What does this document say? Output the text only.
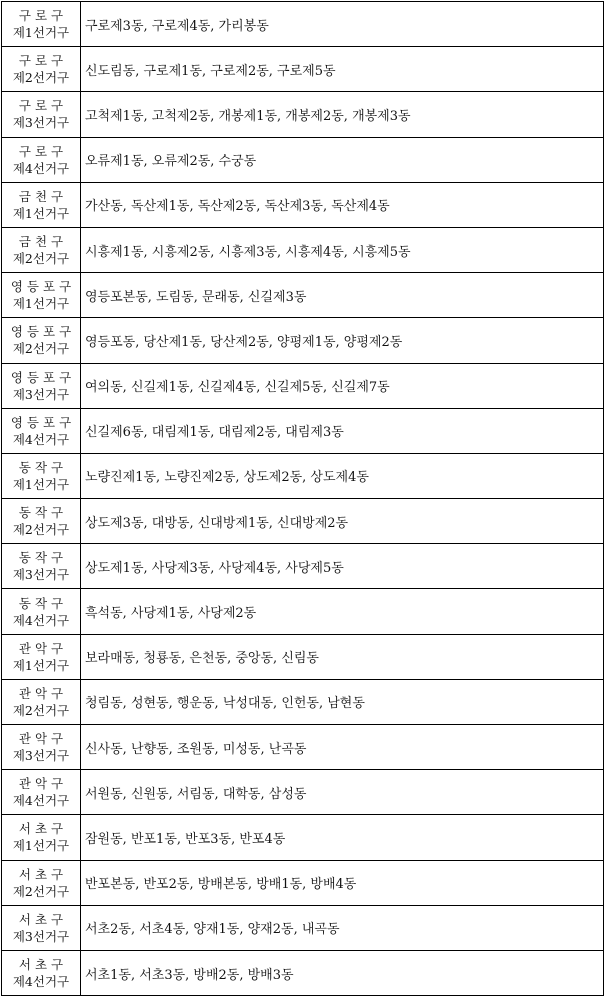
구로구
제1선거구	구로제3동, 구로제4동, 가리봉동

구로구
제2선거구	신도림동, 구로제1동, 구로제2동, 구로제5동

구로구
제3선거구	고척제1동, 고척제2동, 개봉제1동, 개봉제2동, 개봉제3동

구로구
제4선거구	오류제1동, 오류제2동, 수궁동

금천구
제1선거구	가산동, 독산제1동, 독산제2동, 독산제3동, 독산제4동

금천구
제2선거구	시흥제1동, 시흥제2동, 시흥제3동, 시흥제4동, 시흥제5동

영등포구
제1선거구	영등포본동, 도림동, 문래동, 신길제3동

영등포구
제2선거구	영등포동, 당산제1동, 당산제2동, 양평제1동, 양평제2동

영등포구
제3선거구	여의동, 신길제1동, 신길제4동, 신길제5동, 신길제7동

영등포구
제4선거구	신길제6동, 대림제1동, 대림제2동, 대림제3동

동작구
제1선거구	노량진제1동, 노량진제2동, 상도제2동, 상도제4동

동작구
제2선거구	상도제3동, 대방동, 신대방제1동, 신대방제2동

동작구
제3선거구	상도제1동, 사당제3동, 사당제4동, 사당제5동

동작구
제4선거구	흑석동, 사당제1동, 사당제2동

관악구
제1선거구	보라매동, 청룡동, 은천동, 중앙동, 신림동

관악구
제2선거구	청림동, 성현동, 행운동, 낙성대동, 인헌동, 남현동

관악구
제3선거구	신사동, 난향동, 조원동, 미성동, 난곡동

관악구
제4선거구	서원동, 신원동, 서림동, 대학동, 삼성동

서초구
제1선거구	잠원동, 반포1동, 반포3동, 반포4동

서초구
제2선거구	반포본동, 반포2동, 방배본동, 방배1동, 방배4동

서초구
제3선거구	서초2동, 서초4동, 양재1동, 양재2동, 내곡동

서초구
제4선거구	서초1동, 서초3동, 방배2동, 방배3동
